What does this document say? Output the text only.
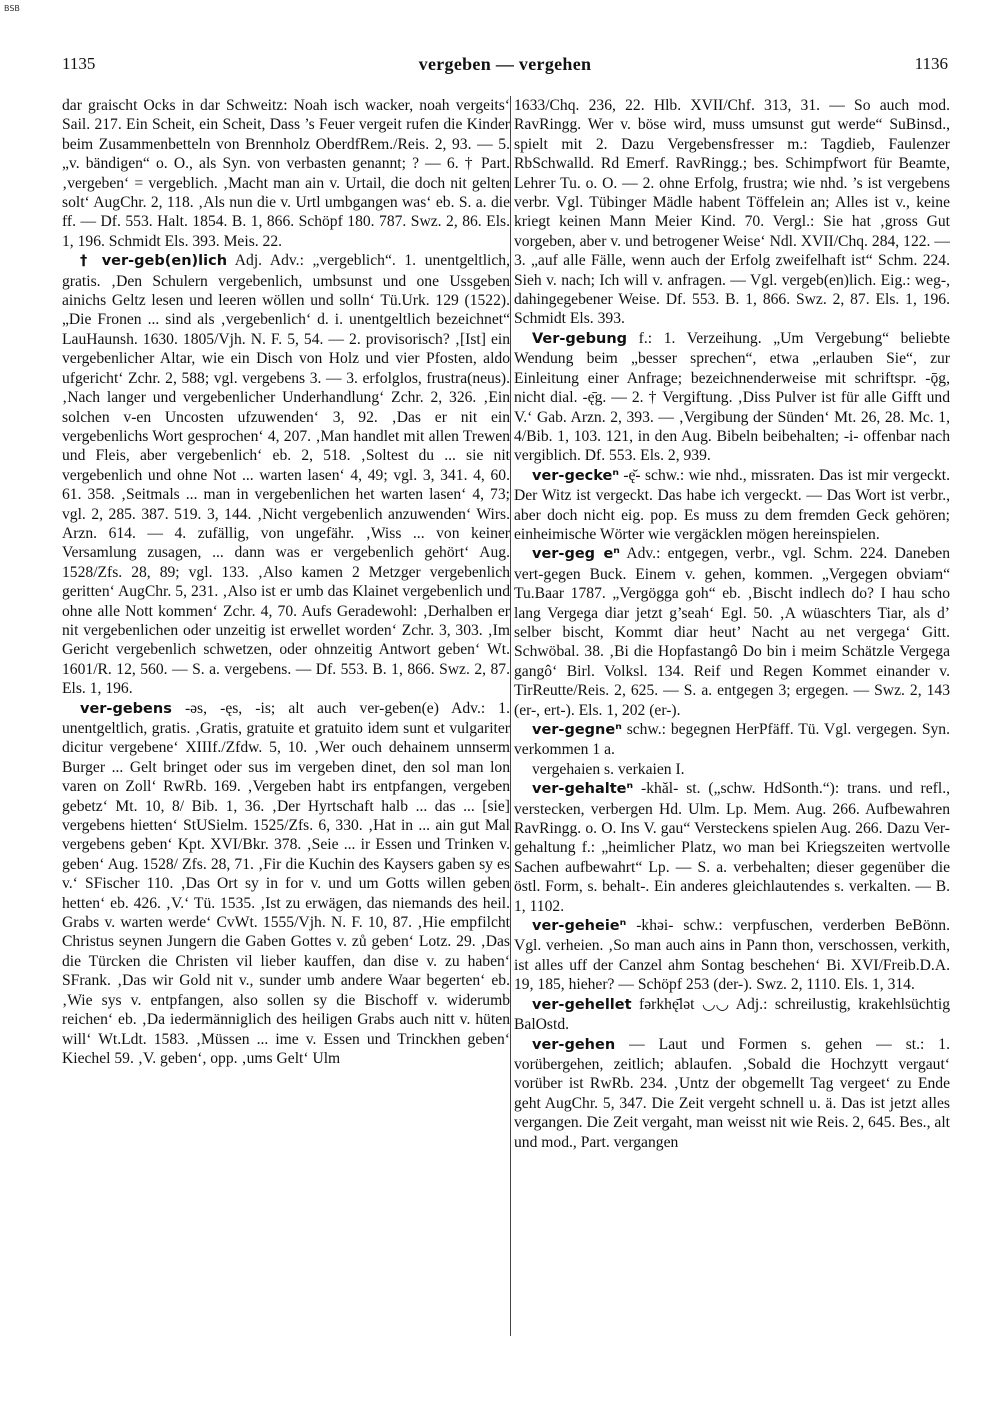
BSB
1135	vergeben — vergehen	1136

dar graischt Ocks in dar Schweitz: Noah isch wacker, noah vergeits‘ Sail. 217. Ein Scheit, ein Scheit, Dass ’s Feuer vergeit rufen die Kinder beim Zusammenbetteln von Brennholz OberdfRem./Reis. 2, 93. — 5. „v. bändigen“ o. O., als Syn. von verbasten genannt; ? — 6. † Part. ‚vergeben‘ = vergeblich. ‚Macht man ain v. Urtail, die doch nit gelten solt‘ AugChr. 2, 118. ‚Als nun die v. Urtl umbgangen was‘ eb. S. a. die ff. — Df. 553. Halt. 1854. B. 1, 866. Schöpf 180. 787. Swz. 2, 86. Els. 1, 196. Schmidt Els. 393. Meis. 22.

† ver-geb(en)lich Adj. Adv.: „vergeblich“. 1. unentgeltlich, gratis. ‚Den Schulern vergebenlich, umbsunst und one Ussgeben ainichs Geltz lesen und leeren wöllen und solln‘ Tü.Urk. 129 (1522). „Die Fronen ... sind als ‚vergebenlich‘ d. i. unentgeltlich bezeichnet“ LauHaunsh. 1630. 1805/Vjh. N. F. 5, 54. — 2. provisorisch? ‚[Ist] ein vergebenlicher Altar, wie ein Disch von Holz und vier Pfosten, aldo ufgericht‘ Zchr. 2, 588; vgl. vergebens 3. — 3. erfolglos, frustra(neus). ‚Nach langer und vergebenlicher Underhandlung‘ Zchr. 2, 326. ‚Ein solchen v-en Uncosten ufzuwenden‘ 3, 92. ‚Das er nit ein vergebenlichs Wort gesprochen‘ 4, 207. ‚Man handlet mit allen Trewen und Fleis, aber vergebenlich‘ eb. 2, 518. ‚Soltest du ... sie nit vergebenlich und ohne Not ... warten lasen‘ 4, 49; vgl. 3, 341. 4, 60. 61. 358. ‚Seitmals ... man in vergebenlichen het warten lasen‘ 4, 73; vgl. 2, 285. 387. 519. 3, 144. ‚Nicht vergebenlich anzuwenden‘ Wirs. Arzn. 614. — 4. zufällig, von ungefähr. ‚Wiss ... von keiner Versamlung zusagen, ... dann was er vergebenlich gehört‘ Aug. 1528/Zfs. 28, 89; vgl. 133. ‚Also kamen 2 Metzger vergebenlich geritten‘ AugChr. 5, 231. ‚Also ist er umb das Klainet vergebenlich und ohne alle Nott kommen‘ Zchr. 4, 70. Aufs Geradewohl: ‚Derhalben er nit vergebenlichen oder unzeitig ist erwellet worden‘ Zchr. 3, 303. ‚Im Gericht vergebenlich schwetzen, oder ohnzeitig Antwort geben‘ Wt. 1601/R. 12, 560. — S. a. vergebens. — Df. 553. B. 1, 866. Swz. 2, 87. Els. 1, 196.

ver-gebens -əs, -ęs, -is; alt auch ver-geben(e) Adv.: 1. unentgeltlich, gratis. ‚Gratis, gratuite et gratuito idem sunt et vulgariter dicitur vergebene‘ XIIIf./Zfdw. 5, 10. ‚Wer ouch dehainem unnserm Burger ... Gelt bringet oder sus im vergeben dinet, den sol man lon varen on Zoll‘ RwRb. 169. ‚Vergeben habt irs entpfangen, vergeben gebetz‘ Mt. 10, 8/ Bib. 1, 36. ‚Der Hyrtschaft halb ... das ... [sie] vergebens hietten‘ StUSielm. 1525/Zfs. 6, 330. ‚Hat in ... ain gut Mal vergebens geben‘ Kpt. XVI/Bkr. 378. ‚Seie ... ir Essen und Trinken v. geben‘ Aug. 1528/ Zfs. 28, 71. ‚Fir die Kuchin des Kaysers gaben sy es v.‘ SFischer 110. ‚Das Ort sy in for v. und um Gotts willen geben hetten‘ eb. 426. ‚V.‘ Tü. 1535. ‚Ist zu erwägen, das niemands des heil. Grabs v. warten werde‘ CvWt. 1555/Vjh. N. F. 10, 87. ‚Hie empfilcht Christus seynen Jungern die Gaben Gottes v. zů geben‘ Lotz. 29. ‚Das die Türcken die Christen vil lieber kauffen, dan dise v. zu haben‘ SFrank. ‚Das wir Gold nit v., sunder umb andere Waar begerten‘ eb. ‚Wie sys v. entpfangen, also sollen sy die Bischoff v. widerumb reichen‘ eb. ‚Da iedermänniglich des heiligen Grabs auch nitt v. hüten will‘ Wt.Ldt. 1583. ‚Müssen ... ime v. Essen und Trinckhen geben‘ Kiechel 59. ‚V. geben‘, opp. ‚ums Gelt‘ Ulm

1633/Chq. 236, 22. Hlb. XVII/Chf. 313, 31. — So auch mod. RavRingg. Wer v. böse wird, muss umsunst gut werde“ SuBinsd., spielt mit 2. Dazu Vergebensfresser m.: Tagdieb, Faulenzer RbSchwalld. Rd Emerf. RavRingg.; bes. Schimpfwort für Beamte, Lehrer Tu. o. O. — 2. ohne Erfolg, frustra; wie nhd. ’s ist vergebens verbr. Vgl. Tübinger Mädle habent Töffelein an; Alles ist v., keine kriegt keinen Mann Meier Kind. 70. Vergl.: Sie hat ‚gross Gut vorgeben, aber v. und betrogener Weise‘ Ndl. XVII/Chq. 284, 122. — 3. „auf alle Fälle, wenn auch der Erfolg zweifelhaft ist“ Schm. 224. Sieh v. nach; Ich will v. anfragen. — Vgl. vergeb(en)lich. Eig.: weg-, dahingegebener Weise. Df. 553. B. 1, 866. Swz. 2, 87. Els. 1, 196. Schmidt Els. 393.

Ver-gebung f.: 1. Verzeihung. „Um Vergebung“ beliebte Wendung beim „besser sprechen“, etwa „erlauben Sie“, zur Einleitung einer Anfrage; bezeichnenderweise mit schriftspr. -ǭg, nicht dial. -ę̄g. — 2. † Vergiftung. ‚Diss Pulver ist für alle Gifft und V.‘ Gab. Arzn. 2, 393. — ‚Vergibung der Sünden‘ Mt. 26, 28. Mc. 1, 4/Bib. 1, 103. 121, in den Aug. Bibeln beibehalten; -i- offenbar nach vergiblich. Df. 553. Els. 2, 939.

ver-geckeⁿ -ę̆- schw.: wie nhd., missraten. Das ist mir vergeckt. Der Witz ist vergeckt. Das habe ich vergeckt. — Das Wort ist verbr., aber doch nicht eig. pop. Es muss zu dem fremden Geck gehören; einheimische Wörter wie vergäcklen mögen hereinspielen.

ver-geg eⁿ Adv.: entgegen, verbr., vgl. Schm. 224. Daneben vert-gegen Buck. Einem v. gehen, kommen. „Vergegen obviam“ Tu.Baar 1787. „Vergögga goh“ eb. ‚Bischt indlech do? I hau scho lang Vergega diar jetzt g’seah‘ Egl. 50. ‚A wüaschters Tiar, als d’ selber bischt, Kommt diar heut’ Nacht au net vergega‘ Gitt. Schwöbal. 38. ‚Bi die Hopfastangô Do bin i meim Schätzle Vergega gangô‘ Birl. Volksl. 134. Reif und Regen Kommet einander v. TirReutte/Reis. 2, 625. — S. a. entgegen 3; ergegen. — Swz. 2, 143 (er-, ert-). Els. 1, 202 (er-).

ver-gegneⁿ schw.: begegnen HerPfäff. Tü. Vgl. vergegen. Syn. verkommen 1 a.

vergehaien s. verkaien I.

ver-gehalteⁿ -khăl- st. („schw. HdSonth.“): trans. und refl., verstecken, verbergen Hd. Ulm. Lp. Mem. Aug. 266. Aufbewahren RavRingg. o. O. Ins V. gau“ Versteckens spielen Aug. 266. Dazu Ver-gehaltung f.: „heimlicher Platz, wo man bei Kriegszeiten wertvolle Sachen aufbewahrt“ Lp. — S. a. verbehalten; dieser gegenüber die östl. Form, s. behalt-. Ein anderes gleichlautendes s. verkalten. — B. 1, 1102.

ver-geheieⁿ -khəi- schw.: verpfuschen, verderben BeBönn. Vgl. verheien. ‚So man auch ains in Pann thon, verschossen, verkith, ist alles uff der Canzel ahm Sontag beschehen‘ Bi. XVI/Freib.D.A. 19, 185, hieher? — Schöpf 253 (der-). Swz. 2, 1110. Els. 1, 314.

ver-gehellet fərkhę̄lət ◡◡ Adj.: schreilustig, krakehlsüchtig BalOstd.

ver-gehen — Laut und Formen s. gehen — st.: 1. vorübergehen, zeitlich; ablaufen. ‚Sobald die Hochzytt vergaut‘ vorüber ist RwRb. 234. ‚Untz der obgemellt Tag vergeet‘ zu Ende geht AugChr. 5, 347. Die Zeit vergeht schnell u. ä. Das ist jetzt alles vergangen. Die Zeit vergaht, man weisst nit wie Reis. 2, 645. Bes., alt und mod., Part. vergangen
